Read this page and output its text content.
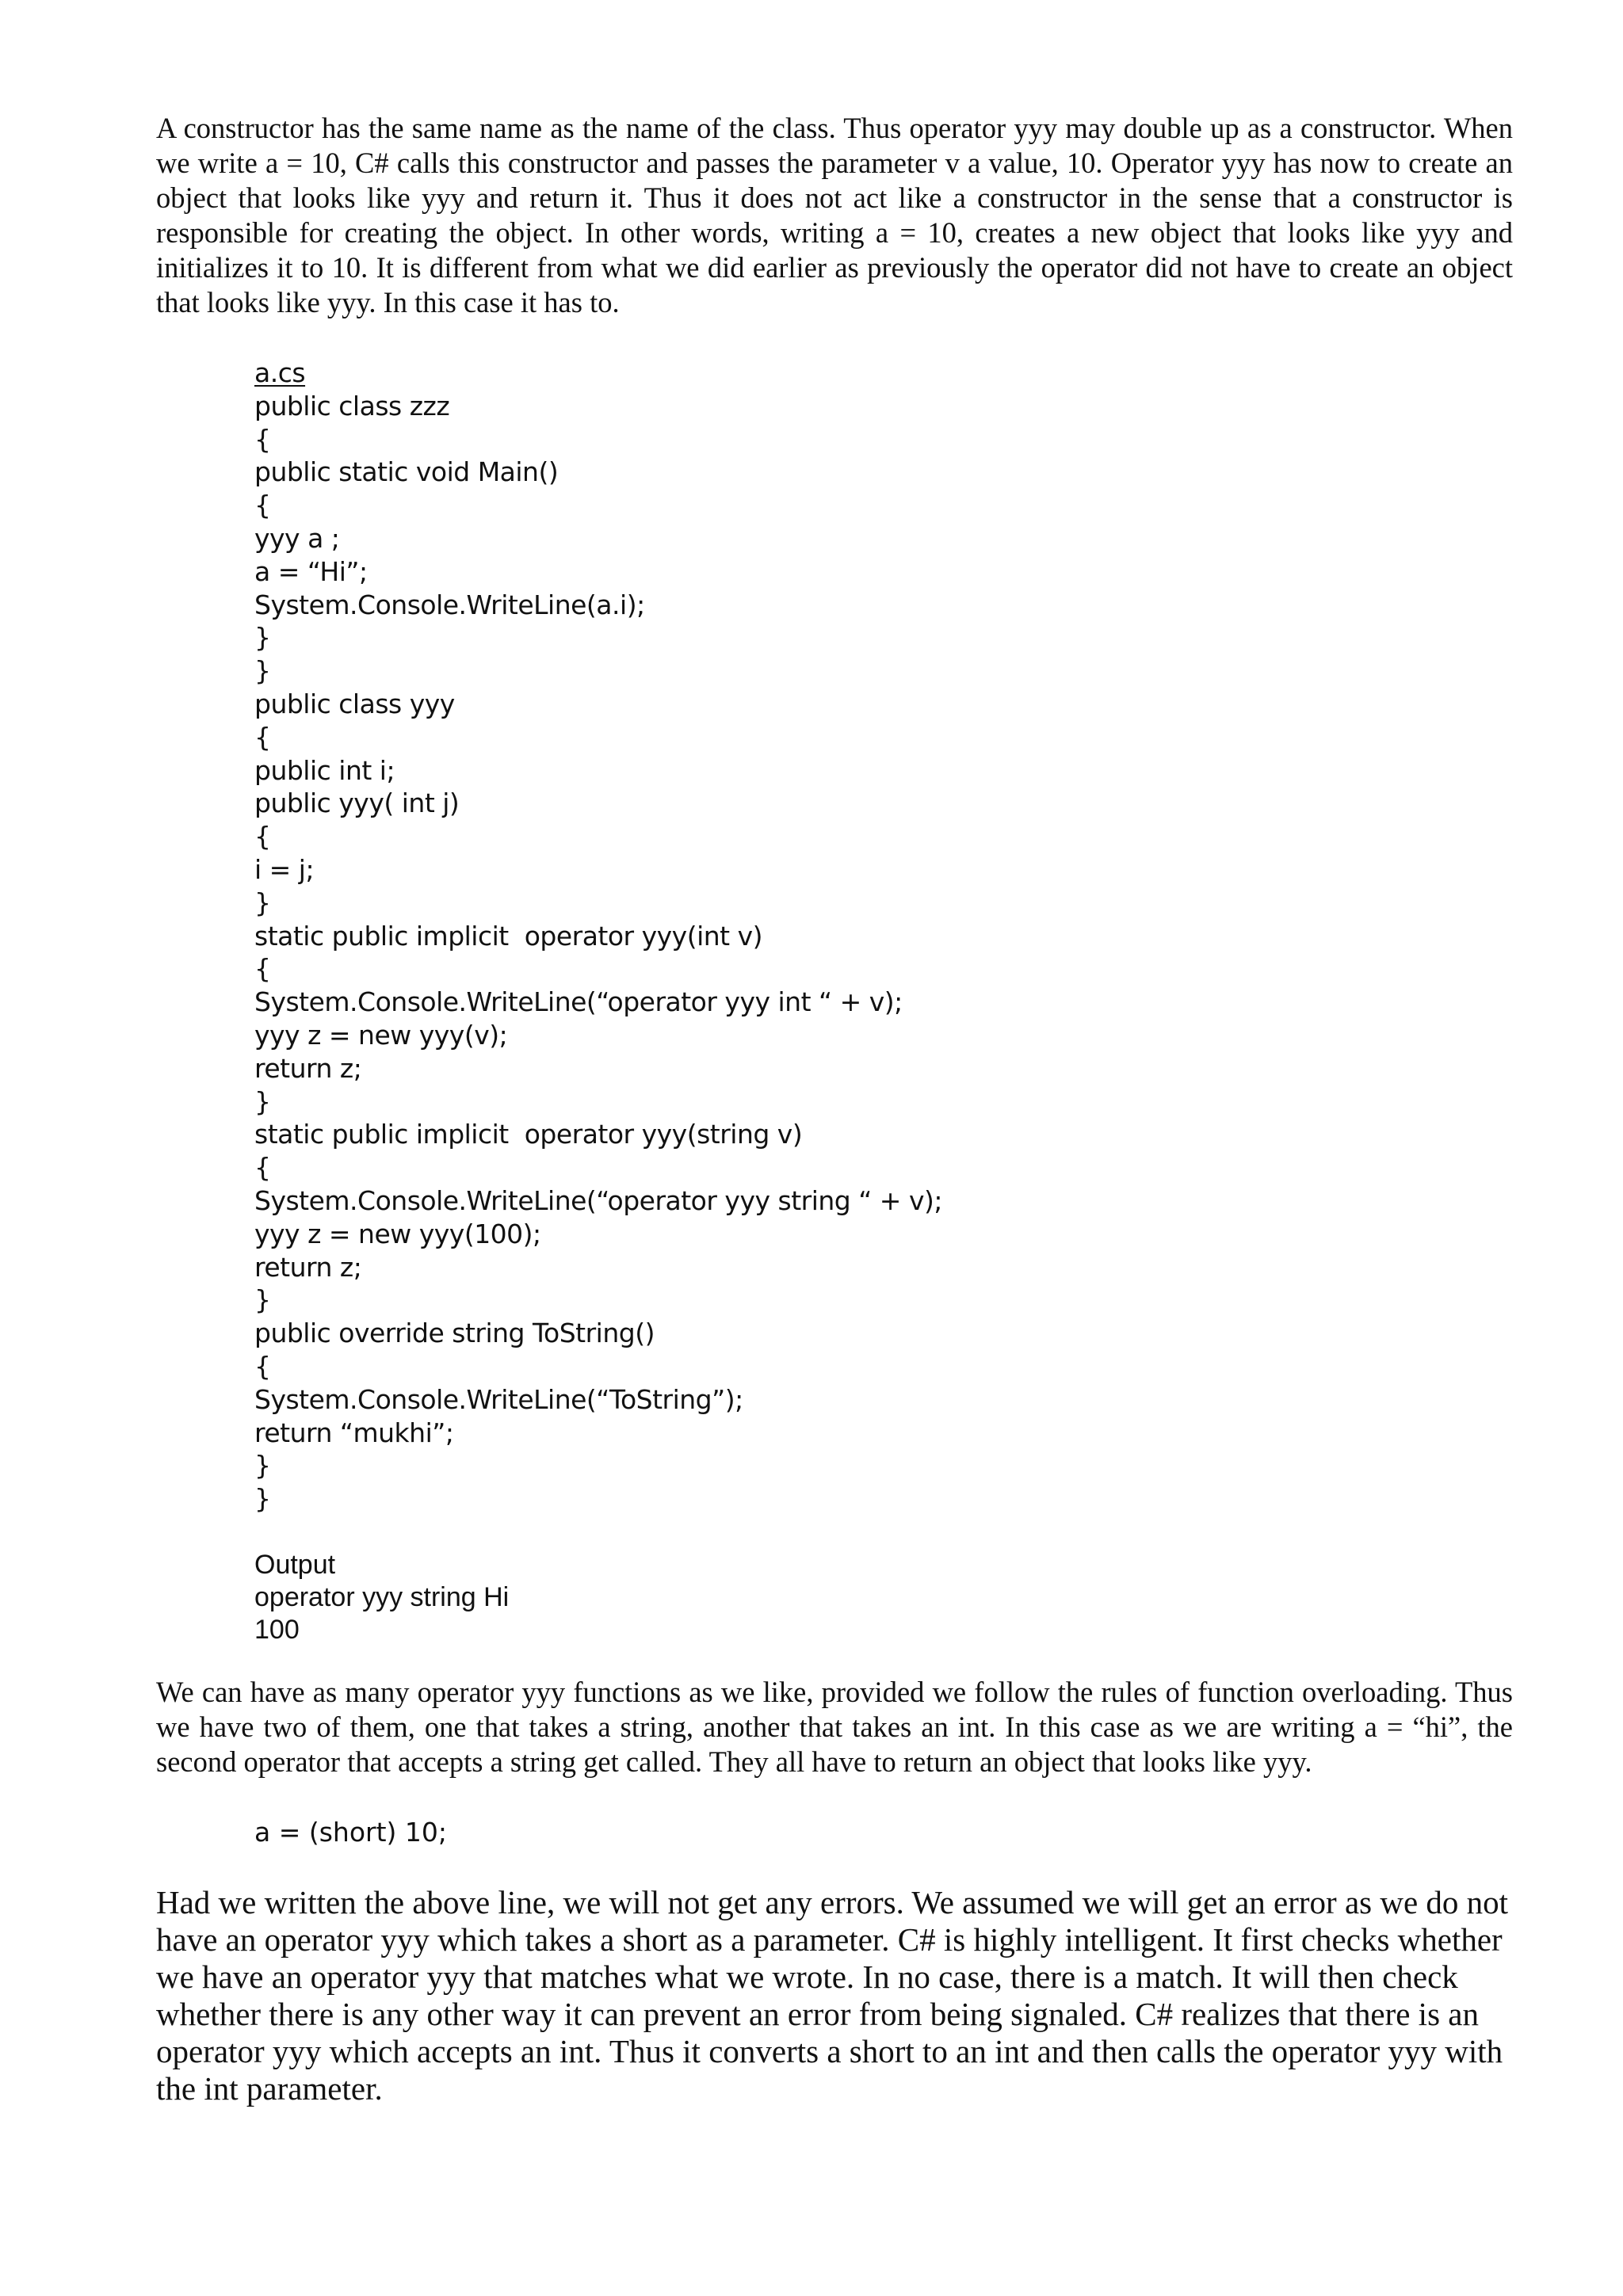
A constructor has the same name as the name of the class. Thus operator yyy may double up as a constructor. When we write a = 10, C# calls this constructor and passes the parameter v a value, 10. Operator yyy has now to create an object that looks like yyy and return it. Thus it does not act like a constructor in the sense that a constructor is responsible for creating the object. In other words, writing a = 10, creates a new object that looks like yyy and initializes it to 10. It is different from what we did earlier as previously the operator did not have to create an object that looks like yyy. In this case it has to.

a.cs
public class zzz
{
public static void Main()
{
yyy a ;
a = “Hi”;
System.Console.WriteLine(a.i);
}
}
public class yyy
{
public int i;
public yyy( int j)
{
i = j;
}
static public implicit  operator yyy(int v)
{
System.Console.WriteLine(“operator yyy int “ + v);
yyy z = new yyy(v);
return z;
}
static public implicit  operator yyy(string v)
{
System.Console.WriteLine(“operator yyy string “ + v);
yyy z = new yyy(100);
return z;
}
public override string ToString()
{
System.Console.WriteLine(“ToString”);
return “mukhi”;
}
}
Output
operator yyy string Hi
100

We can have as many operator yyy functions as we like, provided we follow the rules of function overloading. Thus we have two of them, one that takes a string, another that takes an int. In this case as we are writing a = “hi”, the second operator that accepts a string get called. They all have to return an object that looks like yyy.

a = (short) 10;

Had we written the above line, we will not get any errors. We assumed we will get an error as we do not have an operator yyy which takes a short as a parameter. C# is highly intelligent. It first checks whether we have an operator yyy that matches what we wrote. In no case, there is a match. It will then check whether there is any other way it can prevent an error from being signaled. C# realizes that there is an operator yyy which accepts an int. Thus it converts a short to an int and then calls the operator yyy with the int parameter.
